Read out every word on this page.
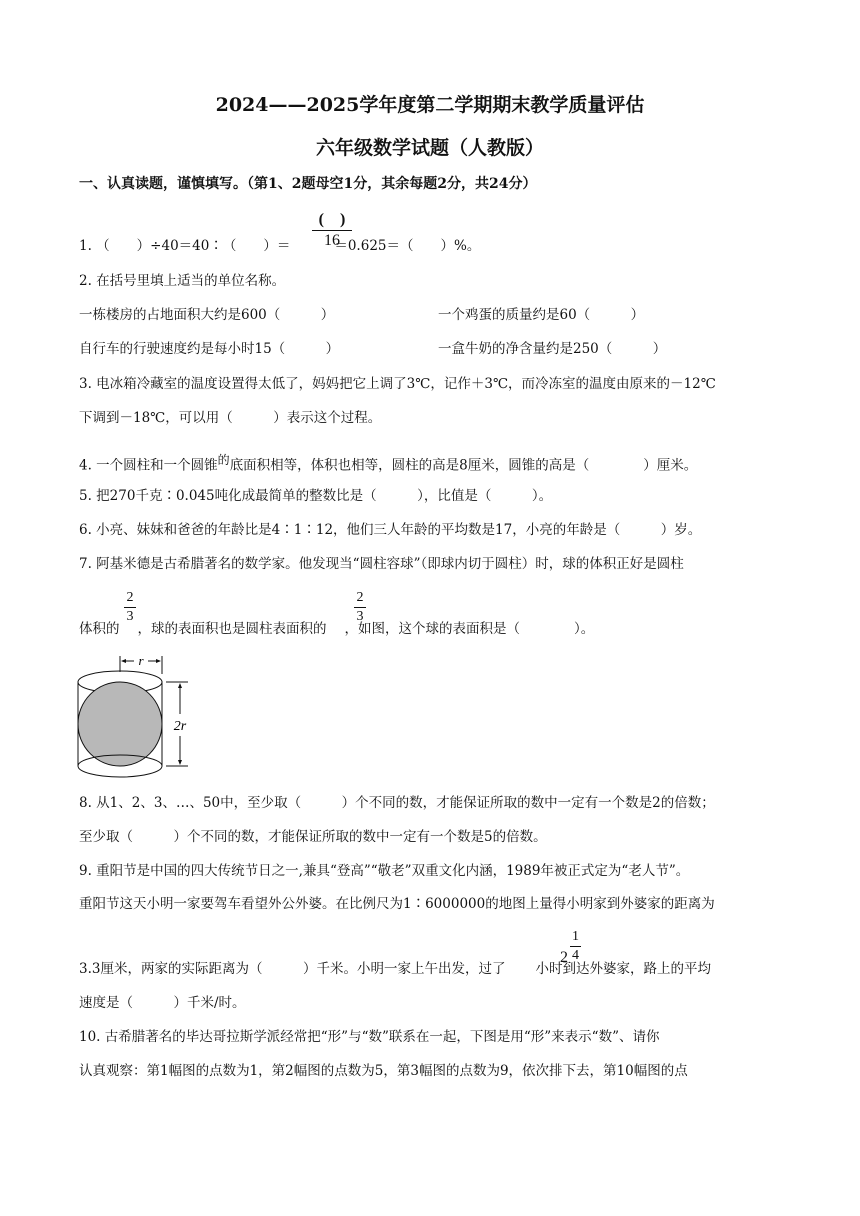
2024——2025学年度第二学期期末教学质量评估
六年级数学试题（人教版）
一、认真读题，谨慎填写。（第1、2题母空1分，其余每题2分，共24分）
1. （　　）÷40＝40∶（　　）＝	＝0.625＝（　　）%。
(　)
16
2. 在括号里填上适当的单位名称。
一栋楼房的占地面积大约是600（　　　）	一个鸡蛋的质量约是60（　　　）
自行车的行驶速度约是每小时15（　　　）	一盒牛奶的净含量约是250（　　　）
3. 电冰箱冷藏室的温度设置得太低了，妈妈把它上调了3℃，记作＋3℃，而冷冻室的温度由原来的－12℃
下调到－18℃，可以用（　　　）表示这个过程。
4. 一个圆柱和一个圆锥$^的$底面积相等，体积也相等，圆柱的高是8厘米，圆锥的高是（　　　　）厘米。
5. 把270千克∶0.045吨化成最简单的整数比是（　　　），比值是（　　　）。
6. 小亮、妹妹和爸爸的年龄比是4∶1∶12，他们三人年龄的平均数是17，小亮的年龄是（　　　）岁。
7. 阿基米德是古希腊著名的数学家。他发现当“圆柱容球”（即球内切于圆柱）时，球的体积正好是圆柱
体积的 ，球的表面积也是圆柱表面积的 ，如图，这个球的表面积是（　　　　）。
2
3
2
3
r
2r
8. 从1、2、3、…、50中，至少取（　　　）个不同的数，才能保证所取的数中一定有一个数是2的倍数；
至少取（　　　）个不同的数，才能保证所取的数中一定有一个数是5的倍数。
9. 重阳节是中国的四大传统节日之一,兼具“登高”“敬老”双重文化内涵，1989年被正式定为“老人节”。
重阳节这天小明一家要驾车看望外公外婆。在比例尺为1∶6000000的地图上量得小明家到外婆家的距离为
3.3厘米，两家的实际距离为（　　　）千米。小明一家上午出发，过了 小时到达外婆家，路上的平均
2
1
4
速度是（　　　）千米/时。
10. 古希腊著名的毕达哥拉斯学派经常把“形”与“数”联系在一起，下图是用“形”来表示“数”、请你
认真观察：第1幅图的点数为1，第2幅图的点数为5，第3幅图的点数为9，依次排下去，第10幅图的点
